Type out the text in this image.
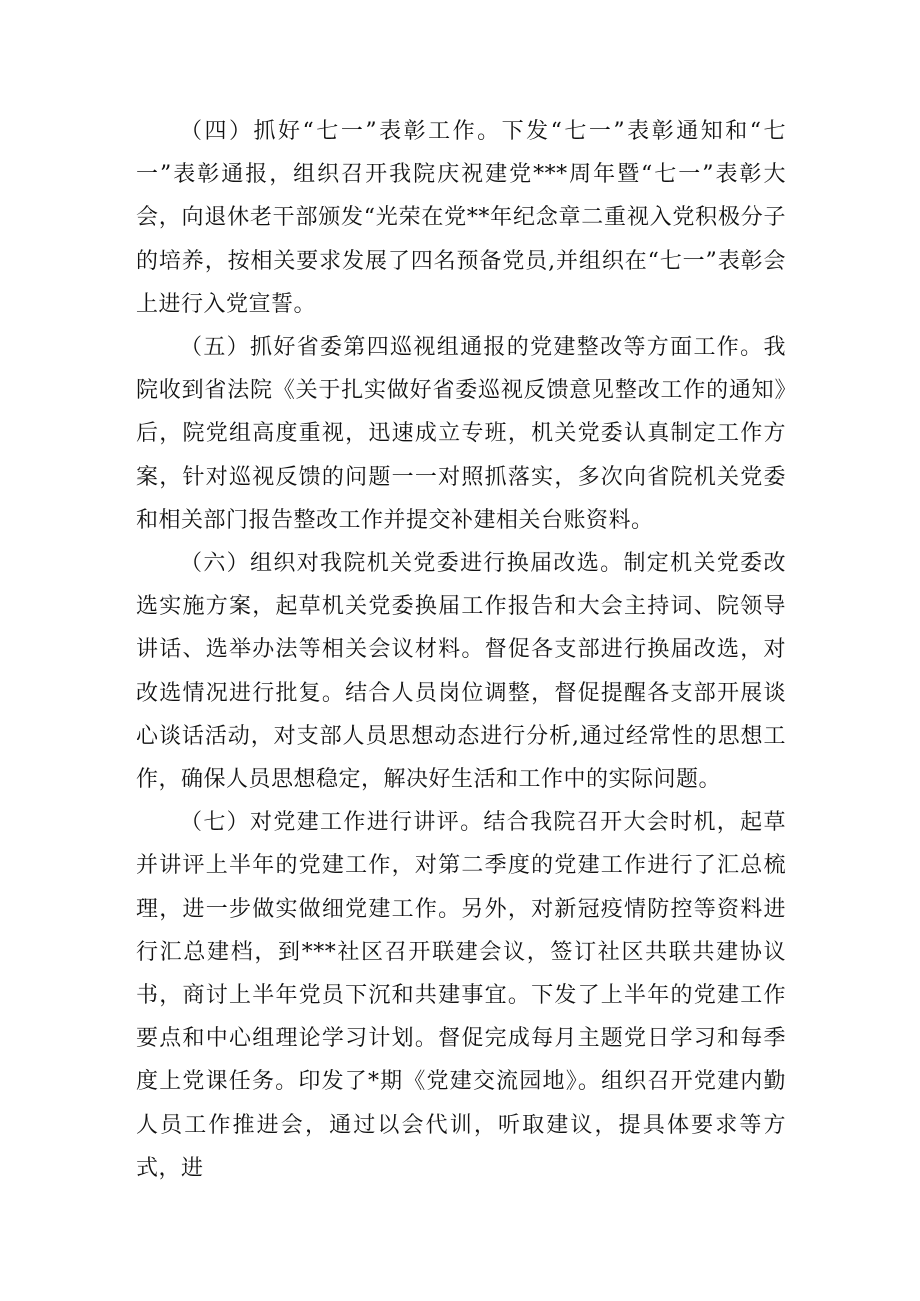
（四）抓好“七一”表彰工作。下发“七一”表彰通知和“七一”表彰通报，组织召开我院庆祝建党***周年暨“七一”表彰大会，向退休老干部颁发“光荣在党**年纪念章二重视入党积极分子的培养，按相关要求发展了四名预备党员,并组织在“七一”表彰会上进行入党宣誓。

（五）抓好省委第四巡视组通报的党建整改等方面工作。我院收到省法院《关于扎实做好省委巡视反馈意见整改工作的通知》后，院党组高度重视，迅速成立专班，机关党委认真制定工作方案，针对巡视反馈的问题一一对照抓落实，多次向省院机关党委和相关部门报告整改工作并提交补建相关台账资料。

（六）组织对我院机关党委进行换届改选。制定机关党委改选实施方案，起草机关党委换届工作报告和大会主持词、院领导讲话、选举办法等相关会议材料。督促各支部进行换届改选，对改选情况进行批复。结合人员岗位调整，督促提醒各支部开展谈心谈话活动，对支部人员思想动态进行分析,通过经常性的思想工作，确保人员思想稳定，解决好生活和工作中的实际问题。

（七）对党建工作进行讲评。结合我院召开大会时机，起草并讲评上半年的党建工作，对第二季度的党建工作进行了汇总梳理，进一步做实做细党建工作。另外，对新冠疫情防控等资料进行汇总建档，到***社区召开联建会议，签订社区共联共建协议书，商讨上半年党员下沉和共建事宜。下发了上半年的党建工作要点和中心组理论学习计划。督促完成每月主题党日学习和每季度上党课任务。印发了*期《党建交流园地》。组织召开党建内勤人员工作推进会，通过以会代训，听取建议，提具体要求等方式，进
